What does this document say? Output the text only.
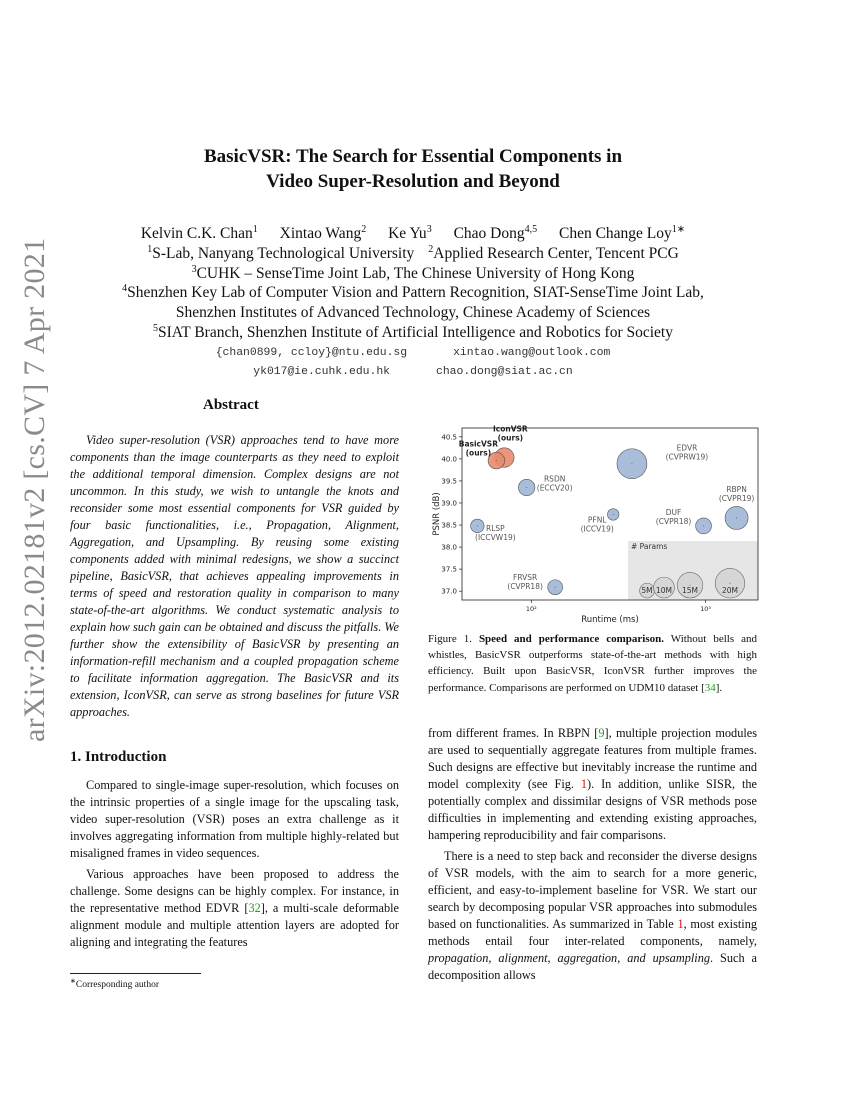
arXiv:2012.02181v2 [cs.CV] 7 Apr 2021
BasicVSR: The Search for Essential Components in
Video Super-Resolution and Beyond
Kelvin C.K. Chan$^1$ Xintao Wang$^2$ Ke Yu$^3$ Chao Dong$^{4,5}$ Chen Change Loy$^{1∗}$
$^1$S-Lab, Nanyang Technological University $^2$Applied Research Center, Tencent PCG
$^3$CUHK – SenseTime Joint Lab, The Chinese University of Hong Kong
$^4$Shenzhen Key Lab of Computer Vision and Pattern Recognition, SIAT-SenseTime Joint Lab,
Shenzhen Institutes of Advanced Technology, Chinese Academy of Sciences
$^5$SIAT Branch, Shenzhen Institute of Artificial Intelligence and Robotics for Society
{chan0899, ccloy}@ntu.edu.sg	xintao.wang@outlook.com
yk017@ie.cuhk.edu.hk	chao.dong@siat.ac.cn
Abstract

Video super-resolution (VSR) approaches tend to have more components than the image counterparts as they need to exploit the additional temporal dimension. Complex designs are not uncommon. In this study, we wish to untangle the knots and reconsider some most essential components for VSR guided by four basic functionalities, i.e., Propagation, Alignment, Aggregation, and Upsampling. By reusing some existing components added with minimal redesigns, we show a succinct pipeline, BasicVSR, that achieves appealing improvements in terms of speed and restoration quality in comparison to many state-of-the-art algorithms. We conduct systematic analysis to explain how such gain can be obtained and discuss the pitfalls. We further show the extensibility of BasicVSR by presenting an information-refill mechanism and a coupled propagation scheme to facilitate information aggregation. The BasicVSR and its extension, IconVSR, can serve as strong baselines for future VSR approaches.

1. Introduction

Compared to single-image super-resolution, which focuses on the intrinsic properties of a single image for the upscaling task, video super-resolution (VSR) poses an extra challenge as it involves aggregating information from multiple highly-related but misaligned frames in video sequences.

Various approaches have been proposed to address the challenge. Some designs can be highly complex. For instance, in the representative method EDVR [32], a multi-scale deformable alignment module and multiple attention layers are adopted for aligning and integrating the features

37.0
37.5
38.0
38.5
39.0
39.5
40.0
40.5
10²	10³
Runtime (ms)
PSNR (dB)
# Params
5M 10M 15M	20M
BasicVSR
(ours)
IconVSR
(ours)
RSDN
(ECCV20)
EDVR
(CVPRW19)
RBPN
(CVPR19)
DUF
(CVPR18)
PFNL
(ICCV19)
RLSP
(ICCVW19)
FRVSR
(CVPR18)
Figure 1. Speed and performance comparison. Without bells and whistles, BasicVSR outperforms state-of-the-art methods with high efficiency. Built upon BasicVSR, IconVSR further improves the performance. Comparisons are performed on UDM10 dataset [34].

from different frames. In RBPN [9], multiple projection modules are used to sequentially aggregate features from multiple frames. Such designs are effective but inevitably increase the runtime and model complexity (see Fig. 1). In addition, unlike SISR, the potentially complex and dissimilar designs of VSR methods pose difficulties in implementing and extending existing approaches, hampering reproducibility and fair comparisons.

There is a need to step back and reconsider the diverse designs of VSR models, with the aim to search for a more generic, efficient, and easy-to-implement baseline for VSR. We start our search by decomposing popular VSR approaches into submodules based on functionalities. As summarized in Table 1, most existing methods entail four inter-related components, namely, propagation, alignment, aggregation, and upsampling. Such a decomposition allows

∗Corresponding author
